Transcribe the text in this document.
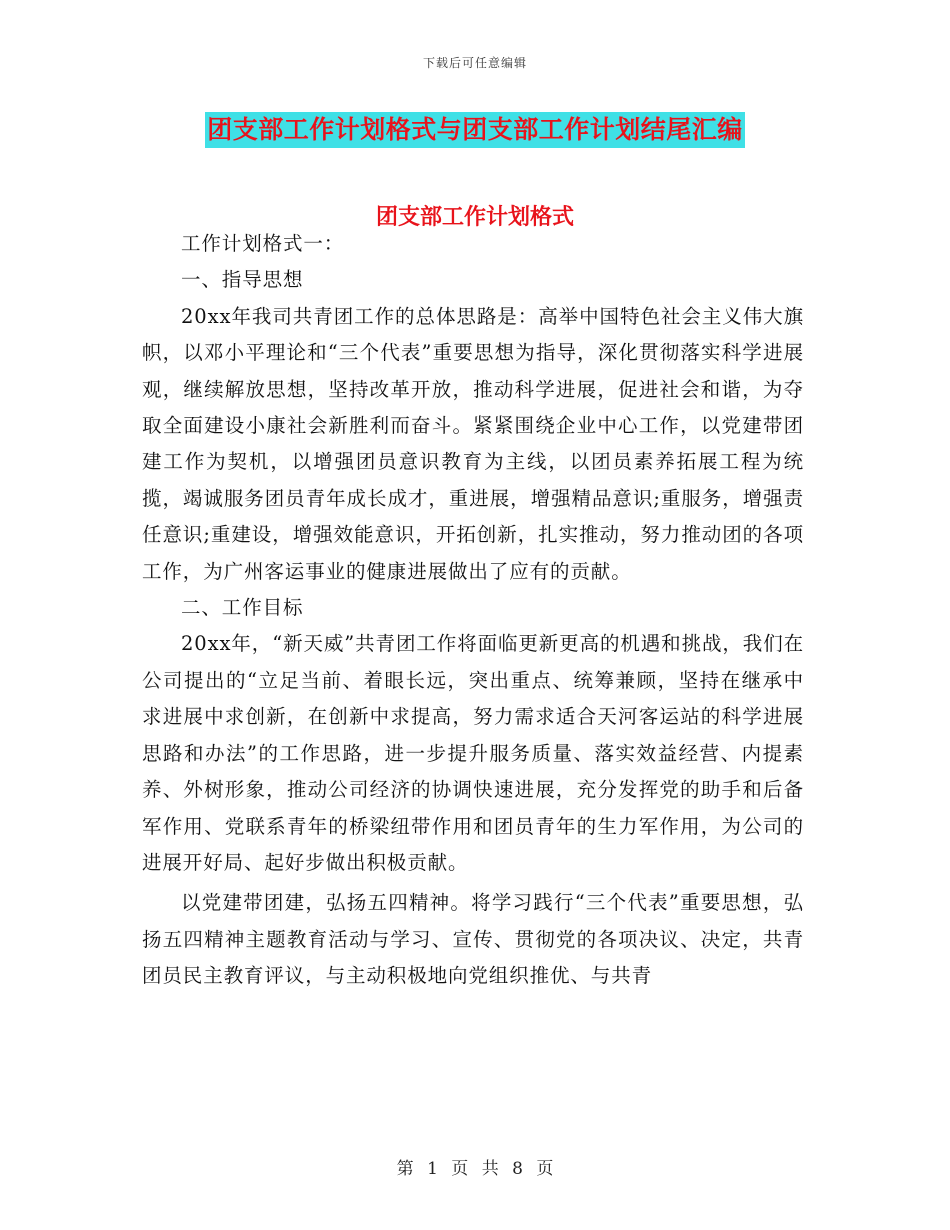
下载后可任意编辑
团支部工作计划格式与团支部工作计划结尾汇编
团支部工作计划格式

工作计划格式一：

一、指导思想

20xx年我司共青团工作的总体思路是：高举中国特色社会主义伟大旗帜，以邓小平理论和“三个代表”重要思想为指导，深化贯彻落实科学进展观，继续解放思想，坚持改革开放，推动科学进展，促进社会和谐，为夺取全面建设小康社会新胜利而奋斗。紧紧围绕企业中心工作，以党建带团建工作为契机，以增强团员意识教育为主线，以团员素养拓展工程为统揽，竭诚服务团员青年成长成才，重进展，增强精品意识;重服务，增强责任意识;重建设，增强效能意识，开拓创新，扎实推动，努力推动团的各项工作，为广州客运事业的健康进展做出了应有的贡献。

二、工作目标

20xx年，“新天威”共青团工作将面临更新更高的机遇和挑战，我们在公司提出的“立足当前、着眼长远，突出重点、统筹兼顾，坚持在继承中求进展中求创新，在创新中求提高，努力需求适合天河客运站的科学进展思路和办法”的工作思路，进一步提升服务质量、落实效益经营、内提素养、外树形象，推动公司经济的协调快速进展，充分发挥党的助手和后备军作用、党联系青年的桥梁纽带作用和团员青年的生力军作用，为公司的进展开好局、起好步做出积极贡献。

以党建带团建，弘扬五四精神。将学习践行“三个代表”重要思想，弘扬五四精神主题教育活动与学习、宣传、贯彻党的各项决议、决定，共青团员民主教育评议，与主动积极地向党组织推优、与共青

第 1 页 共 8 页
